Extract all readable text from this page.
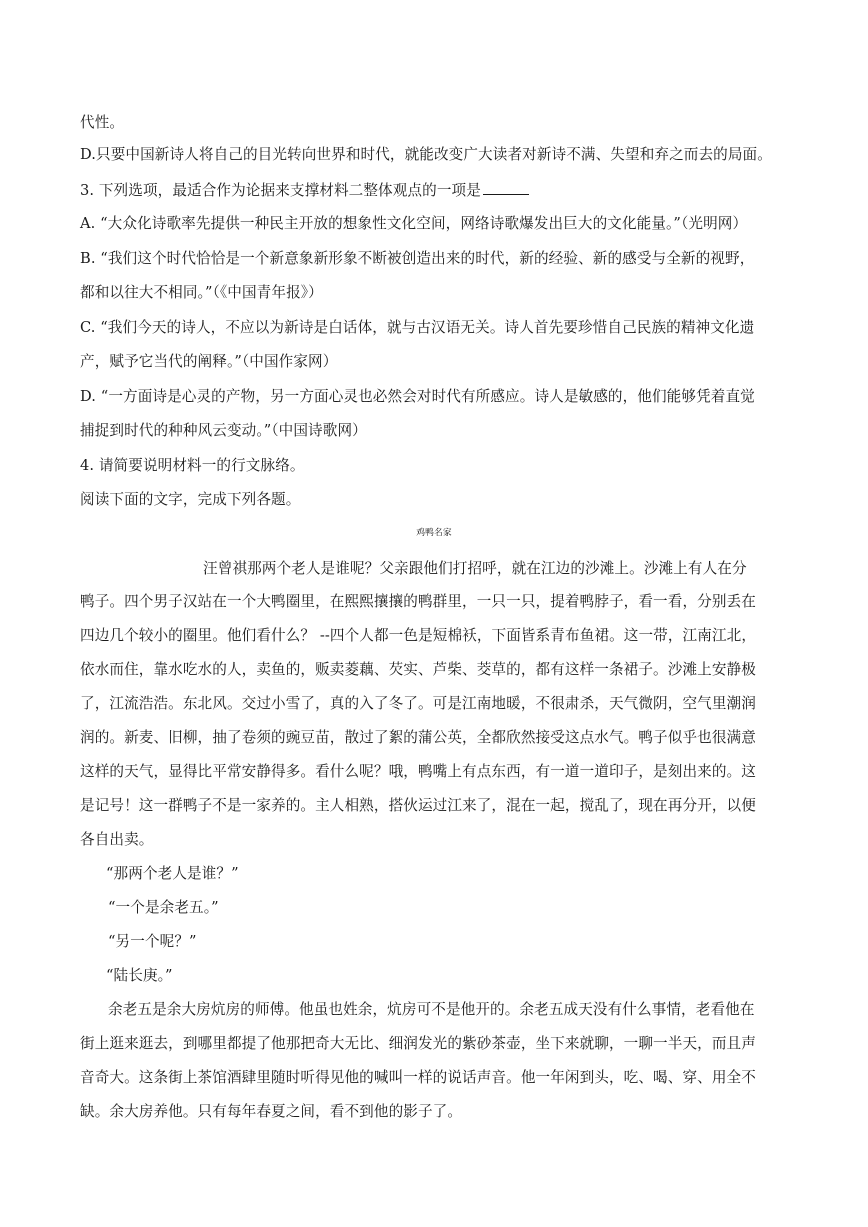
代性。
D.只要中国新诗人将自己的目光转向世界和时代，就能改变广大读者对新诗不满、失望和弃之而去的局面。
3. 下列选项，最适合作为论据来支撑材料二整体观点的一项是
A. “大众化诗歌率先提供一种民主开放的想象性文化空间，网络诗歌爆发出巨大的文化能量。”（光明网）
B. “我们这个时代恰恰是一个新意象新形象不断被创造出来的时代，新的经验、新的感受与全新的视野，
都和以往大不相同。”（《中国青年报》）
C. “我们今天的诗人，不应以为新诗是白话体，就与古汉语无关。诗人首先要珍惜自己民族的精神文化遗
产，赋予它当代的阐释。”（中国作家网）
D. “一方面诗是心灵的产物，另一方面心灵也必然会对时代有所感应。诗人是敏感的，他们能够凭着直觉
捕捉到时代的种种风云变动。”（中国诗歌网）
4. 请简要说明材料一的行文脉络。
阅读下面的文字，完成下列各题。
鸡鸭名家
汪曾祺那两个老人是谁呢？父亲跟他们打招呼，就在江边的沙滩上。沙滩上有人在分
鸭子。四个男子汉站在一个大鸭圈里，在熙熙攘攘的鸭群里，一只一只，提着鸭脖子，看一看，分别丢在
四边几个较小的圈里。他们看什么？ --四个人都一色是短棉袄，下面皆系青布鱼裙。这一带，江南江北，
依水而住，靠水吃水的人，卖鱼的，贩卖菱藕、芡实、芦柴、茭草的，都有这样一条裙子。沙滩上安静极
了，江流浩浩。东北风。交过小雪了，真的入了冬了。可是江南地暖，不很肃杀，天气微阴，空气里潮润
润的。新麦、旧柳，抽了卷须的豌豆苗，散过了絮的蒲公英，全都欣然接受这点水气。鸭子似乎也很满意
这样的天气，显得比平常安静得多。看什么呢？哦，鸭嘴上有点东西，有一道一道印子，是刻出来的。这
是记号！这一群鸭子不是一家养的。主人相熟，搭伙运过江来了，混在一起，搅乱了，现在再分开，以便
各自出卖。
“那两个老人是谁？”
“一个是余老五。”
“另一个呢？”
“陆长庚。”
余老五是余大房炕房的师傅。他虽也姓余，炕房可不是他开的。余老五成天没有什么事情，老看他在
街上逛来逛去，到哪里都提了他那把奇大无比、细润发光的紫砂茶壶，坐下来就聊，一聊一半天，而且声
音奇大。这条街上茶馆酒肆里随时听得见他的喊叫一样的说话声音。他一年闲到头，吃、喝、穿、用全不
缺。余大房养他。只有每年春夏之间，看不到他的影子了。
